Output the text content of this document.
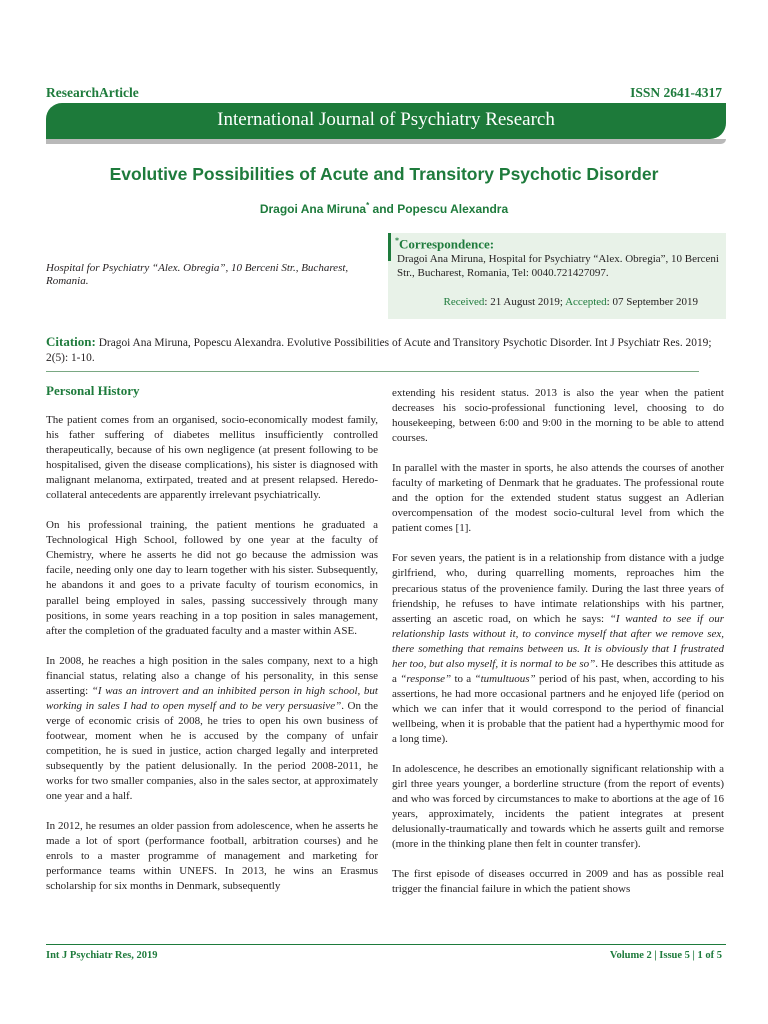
ResearchArticle	ISSN 2641-4317
International Journal of Psychiatry Research
Evolutive Possibilities of Acute and Transitory Psychotic Disorder
Dragoi Ana Miruna* and Popescu Alexandra
Hospital for Psychiatry “Alex. Obregia”, 10 Berceni Str., Bucharest, Romania.
*Correspondence:
Dragoi Ana Miruna, Hospital for Psychiatry “Alex. Obregia”, 10 Berceni Str., Bucharest, Romania, Tel: 0040.721427097.
Received: 21 August 2019; Accepted: 07 September 2019
Citation: Dragoi Ana Miruna, Popescu Alexandra. Evolutive Possibilities of Acute and Transitory Psychotic Disorder. Int J Psychiatr Res. 2019; 2(5): 1-10.

Personal History

The patient comes from an organised, socio-economically modest family, his father suffering of diabetes mellitus insufficiently controlled therapeutically, because of his own negligence (at present following to be hospitalised, given the disease complications), his sister is diagnosed with malignant melanoma, extirpated, treated and at present relapsed. Heredo-collateral antecedents are apparently irrelevant psychiatrically.

On his professional training, the patient mentions he graduated a Technological High School, followed by one year at the faculty of Chemistry, where he asserts he did not go because the admission was facile, needing only one day to learn together with his sister. Subsequently, he abandons it and goes to a private faculty of tourism economics, in parallel being employed in sales, passing successively through many positions, in some years reaching in a top position in sales management, after the completion of the graduated faculty and a master within ASE.

In 2008, he reaches a high position in the sales company, next to a high financial status, relating also a change of his personality, in this sense asserting: “I was an introvert and an inhibited person in high school, but working in sales I had to open myself and to be very persuasive”. On the verge of economic crisis of 2008, he tries to open his own business of footwear, moment when he is accused by the company of unfair competition, he is sued in justice, action charged legally and interpreted subsequently by the patient delusionally. In the period 2008-2011, he works for two smaller companies, also in the sales sector, at approximately one year and a half.

In 2012, he resumes an older passion from adolescence, when he asserts he made a lot of sport (performance football, arbitration courses) and he enrols to a master programme of management and marketing for performance teams within UNEFS. In 2013, he wins an Erasmus scholarship for six months in Denmark, subsequently

extending his resident status. 2013 is also the year when the patient decreases his socio-professional functioning level, choosing to do housekeeping, between 6:00 and 9:00 in the morning to be able to attend courses.

In parallel with the master in sports, he also attends the courses of another faculty of marketing of Denmark that he graduates. The professional route and the option for the extended student status suggest an Adlerian overcompensation of the modest socio-cultural level from which the patient comes [1].

For seven years, the patient is in a relationship from distance with a judge girlfriend, who, during quarrelling moments, reproaches him the precarious status of the provenience family. During the last three years of friendship, he refuses to have intimate relationships with his partner, asserting an ascetic road, on which he says: “I wanted to see if our relationship lasts without it, to convince myself that after we remove sex, there something that remains between us. It is obviously that I frustrated her too, but also myself, it is normal to be so”. He describes this attitude as a “response” to a “tumultuous” period of his past, when, according to his assertions, he had more occasional partners and he enjoyed life (period on which we can infer that it would correspond to the period of financial wellbeing, when it is probable that the patient had a hyperthymic mood for a long time).

In adolescence, he describes an emotionally significant relationship with a girl three years younger, a borderline structure (from the report of events) and who was forced by circumstances to make to abortions at the age of 16 years, approximately, incidents the patient integrates at present delusionally-traumatically and towards which he asserts guilt and remorse (more in the thinking plane then felt in counter transfer).

The first episode of diseases occurred in 2009 and has as possible real trigger the financial failure in which the patient shows

Int J Psychiatr Res, 2019	Volume 2 | Issue 5 | 1 of 5
